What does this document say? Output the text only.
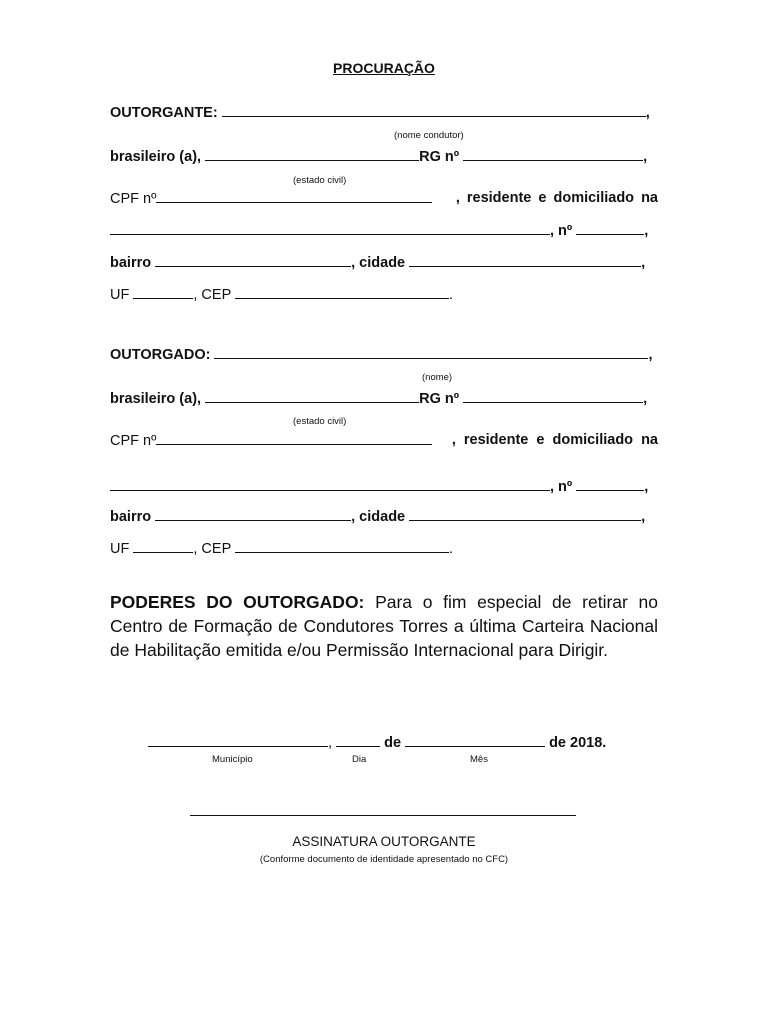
PROCURAÇÃO
OUTORGANTE:	,
(nome condutor)
brasileiro (a),	RG nº	,
(estado civil)
CPF nº	, residente e domiciliado na
, nº	,
bairro	, cidade	,
UF	, CEP	.
OUTORGADO:	,
(nome)
brasileiro (a),	RG nº	,
(estado civil)
CPF nº	, residente e domiciliado na
, nº	,
bairro	, cidade	,
UF	, CEP	.
PODERES DO OUTORGADO: Para o fim especial de retirar no Centro de Formação de Condutores Torres a última Carteira Nacional de Habilitação emitida e/ou Permissão Internacional para Dirigir.
,	de	de 2018.
Município	Dia	Mês
ASSINATURA OUTORGANTE
(Conforme documento de identidade apresentado no CFC)
